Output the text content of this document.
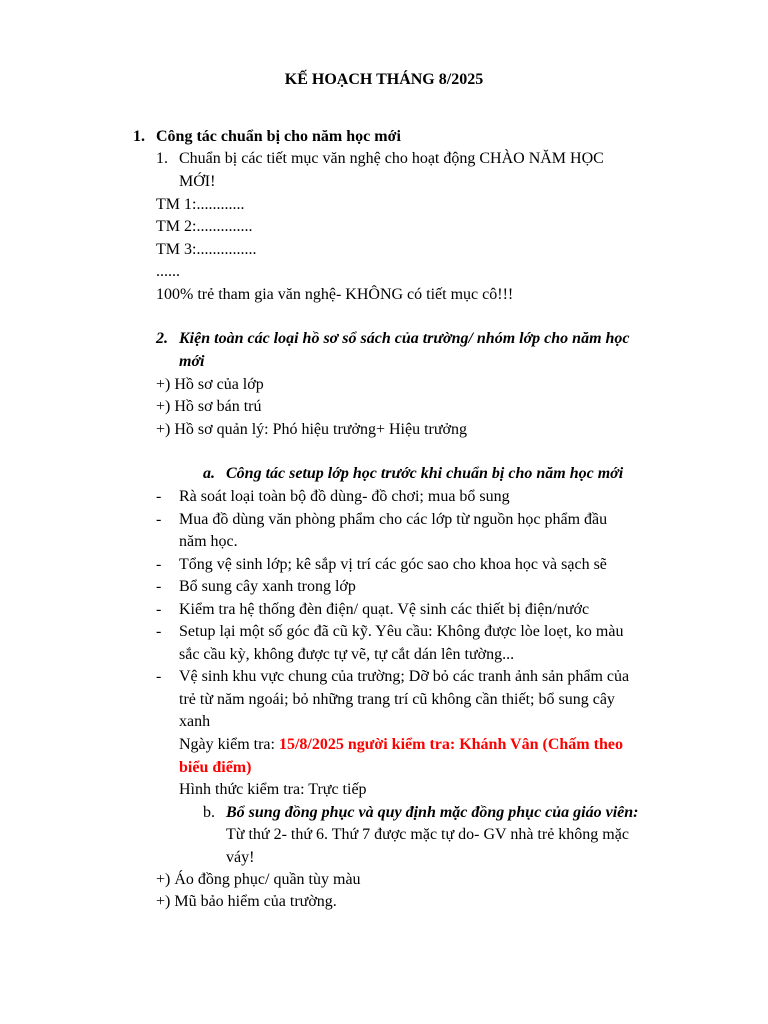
KẾ HOẠCH THÁNG 8/2025
1. Công tác chuẩn bị cho năm học mới
1. Chuẩn bị các tiết mục văn nghệ cho hoạt động CHÀO NĂM HỌC
MỚI!
TM 1:............
TM 2:..............
TM 3:...............
......
100% trẻ tham gia văn nghệ- KHÔNG có tiết mục cô!!!
2. Kiện toàn các loại hồ sơ sổ sách của trường/ nhóm lớp cho năm học
mới
+) Hồ sơ của lớp
+) Hồ sơ bán trú
+) Hồ sơ quản lý: Phó hiệu trưởng+ Hiệu trưởng
a. Công tác setup lớp học trước khi chuẩn bị cho năm học mới
- Rà soát loại toàn bộ đồ dùng- đồ chơi; mua bổ sung
- Mua đồ dùng văn phòng phẩm cho các lớp từ nguồn học phẩm đầu
năm học.
- Tổng vệ sinh lớp; kê sắp vị trí các góc sao cho khoa học và sạch sẽ
- Bổ sung cây xanh trong lớp
- Kiểm tra hệ thống đèn điện/ quạt. Vệ sinh các thiết bị điện/nước
- Setup lại một số góc đã cũ kỹ. Yêu cầu: Không được lòe loẹt, ko màu
sắc cầu kỳ, không được tự vẽ, tự cắt dán lên tường...
- Vệ sinh khu vực chung của trường; Dỡ bỏ các tranh ảnh sản phẩm của
trẻ từ năm ngoái; bỏ những trang trí cũ không cần thiết; bổ sung cây
xanh
Ngày kiểm tra: 15/8/2025 người kiểm tra: Khánh Vân (Chấm theo
biểu điểm)
Hình thức kiểm tra: Trực tiếp
b. Bổ sung đồng phục và quy định mặc đồng phục của giáo viên:
Từ thứ 2- thứ 6. Thứ 7 được mặc tự do- GV nhà trẻ không mặc
váy!
+) Áo đồng phục/ quần tùy màu
+) Mũ bảo hiểm của trường.
